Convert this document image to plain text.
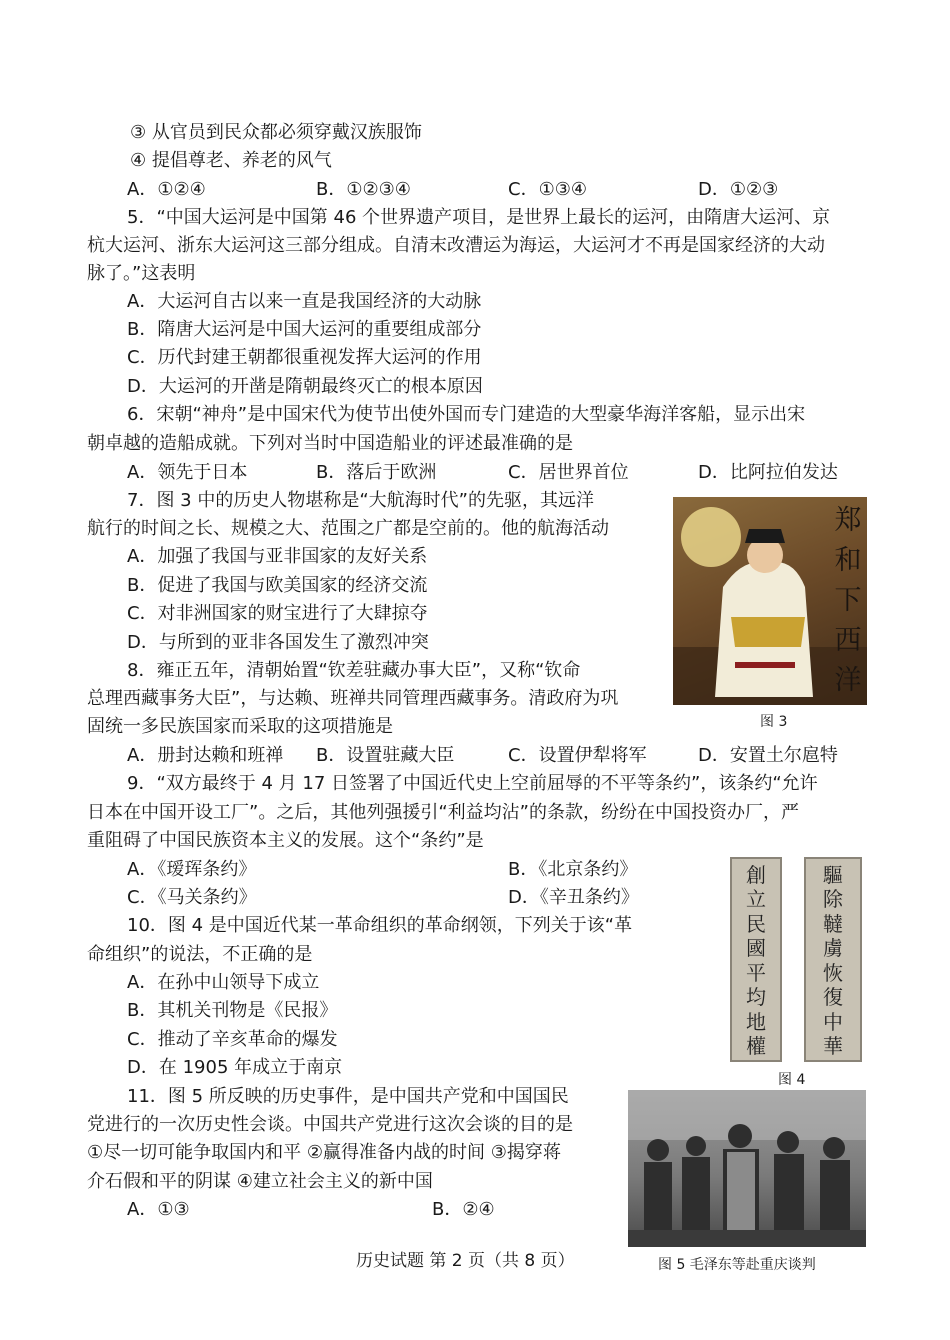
③ 从官员到民众都必须穿戴汉族服饰
④ 提倡尊老、养老的风气
A．①②④	B．①②③④	C．①③④	D．①②③
5．“中国大运河是中国第 46 个世界遗产项目，是世界上最长的运河，由隋唐大运河、京
杭大运河、浙东大运河这三部分组成。自清末改漕运为海运，大运河才不再是国家经济的大动
脉了。”这表明
A．大运河自古以来一直是我国经济的大动脉
B．隋唐大运河是中国大运河的重要组成部分
C．历代封建王朝都很重视发挥大运河的作用
D．大运河的开凿是隋朝最终灭亡的根本原因
6．宋朝“神舟”是中国宋代为使节出使外国而专门建造的大型豪华海洋客船，显示出宋
朝卓越的造船成就。下列对当时中国造船业的评述最准确的是
A．领先于日本	B．落后于欧洲	C．居世界首位	D．比阿拉伯发达
7．图 3 中的历史人物堪称是“大航海时代”的先驱，其远洋
航行的时间之长、规模之大、范围之广都是空前的。他的航海活动
A．加强了我国与亚非国家的友好关系
B．促进了我国与欧美国家的经济交流
C．对非洲国家的财宝进行了大肆掠夺
D．与所到的亚非各国发生了激烈冲突
郑
和
下
西
洋
图 3
8．雍正五年，清朝始置“钦差驻藏办事大臣”，又称“钦命
总理西藏事务大臣”，与达赖、班禅共同管理西藏事务。清政府为巩
固统一多民族国家而采取的这项措施是
A．册封达赖和班禅 B．设置驻藏大臣	C．设置伊犁将军	D．安置土尔扈特
9．“双方最终于 4 月 17 日签署了中国近代史上空前屈辱的不平等条约”，该条约“允许
日本在中国开设工厂”。之后，其他列强援引“利益均沾”的条款，纷纷在中国投资办厂，严
重阻碍了中国民族资本主义的发展。这个“条约”是
A．《瑷珲条约》	B．《北京条约》
C．《马关条约》	D．《辛丑条约》
創
立
民
國
平
均
地
權
驅
除
韃
虜
恢
復
中
華
图 4
10．图 4 是中国近代某一革命组织的革命纲领，下列关于该“革
命组织”的说法，不正确的是
A．在孙中山领导下成立
B．其机关刊物是《民报》
C．推动了辛亥革命的爆发
D．在 1905 年成立于南京
11．图 5 所反映的历史事件，是中国共产党和中国国民
党进行的一次历史性会谈。中国共产党进行这次会谈的目的是
①尽一切可能争取国内和平 ②赢得准备内战的时间 ③揭穿蒋
介石假和平的阴谋 ④建立社会主义的新中国
A．①③	B．②④
图 5 毛泽东等赴重庆谈判
历史试题 第 2 页（共 8 页）
